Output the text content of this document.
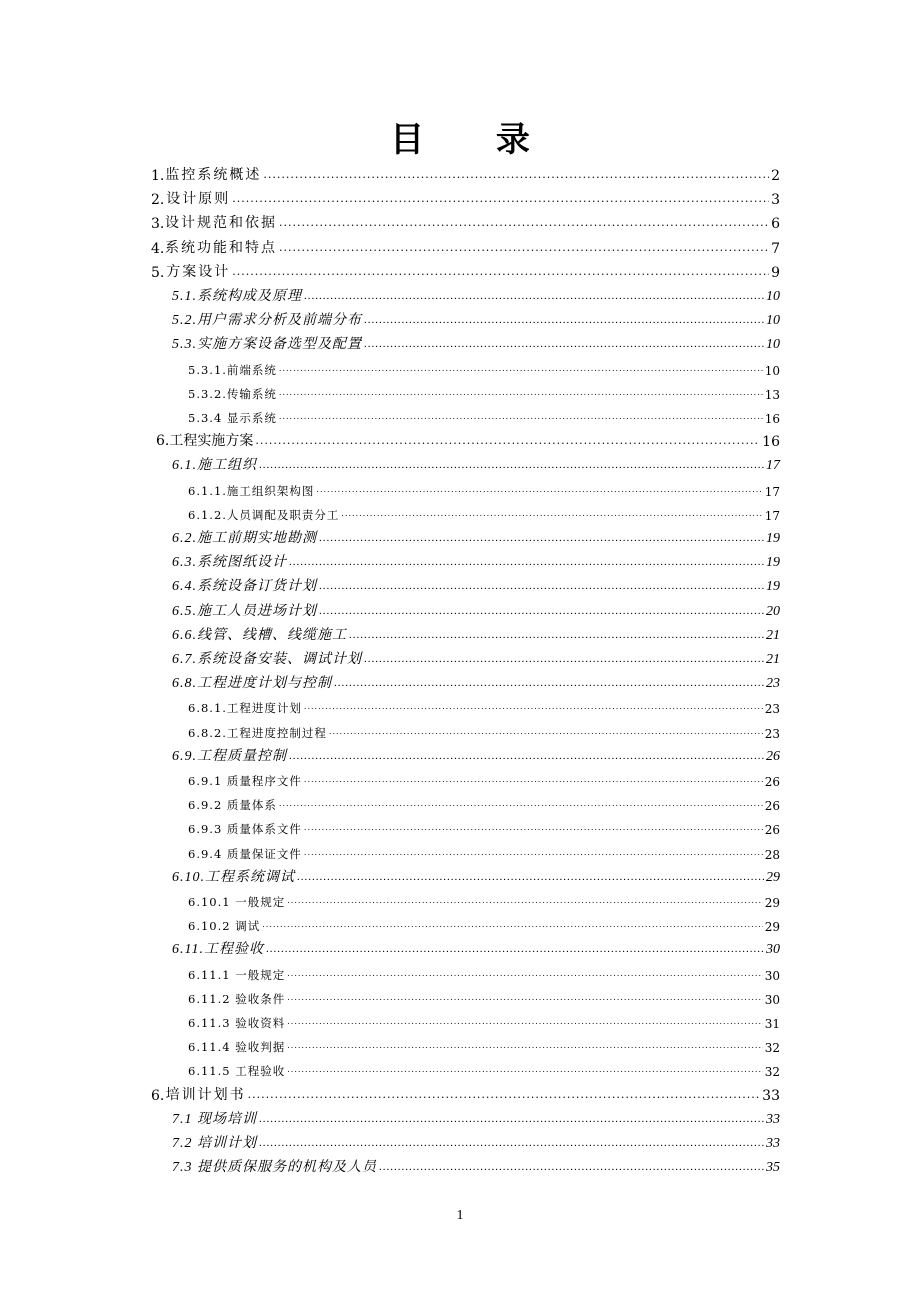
目 录
1. 监控系统概述 .....	2
2. 设计原则 .....	3
3. 设计规范和依据 .....	6
4. 系统功能和特点 .....	7
5. 方案设计 .....	9
5.1.系统构成及原理 .....	10
5.2.用户需求分析及前端分布 .....	10
5.3.实施方案设备选型及配置 .....	10
5.3.1.前端系统 .....	10
5.3.2.传输系统 .....	13
5.3.4 显示系统 .....	16
6.工程实施方案 .....	16
6.1.施工组织 .....	17
6.1.1.施工组织架构图 .....	17
6.1.2.人员调配及职责分工 .....	17
6.2.施工前期实地勘测 .....	19
6.3.系统图纸设计 .....	19
6.4.系统设备订货计划 .....	19
6.5.施工人员进场计划 .....	20
6.6.线管、线槽、线缆施工 .....	21
6.7.系统设备安装、调试计划 .....	21
6.8.工程进度计划与控制 .....	23
6.8.1.工程进度计划 .....	23
6.8.2.工程进度控制过程 .....	23
6.9.工程质量控制 .....	26
6.9.1 质量程序文件 .....	26
6.9.2 质量体系 .....	26
6.9.3 质量体系文件 .....	26
6.9.4 质量保证文件 .....	28
6.10.工程系统调试 .....	29
6.10.1 一般规定 .....	29
6.10.2 调试 .....	29
6.11.工程验收 .....	30
6.11.1 一般规定 .....	30
6.11.2 验收条件 .....	30
6.11.3 验收资料 .....	31
6.11.4 验收判据 .....	32
6.11.5 工程验收 .....	32
6. 培训计划书 .....	33
7.1 现场培训 .....	33
7.2 培训计划 .....	33
7.3 提供质保服务的机构及人员 .....	35
1
